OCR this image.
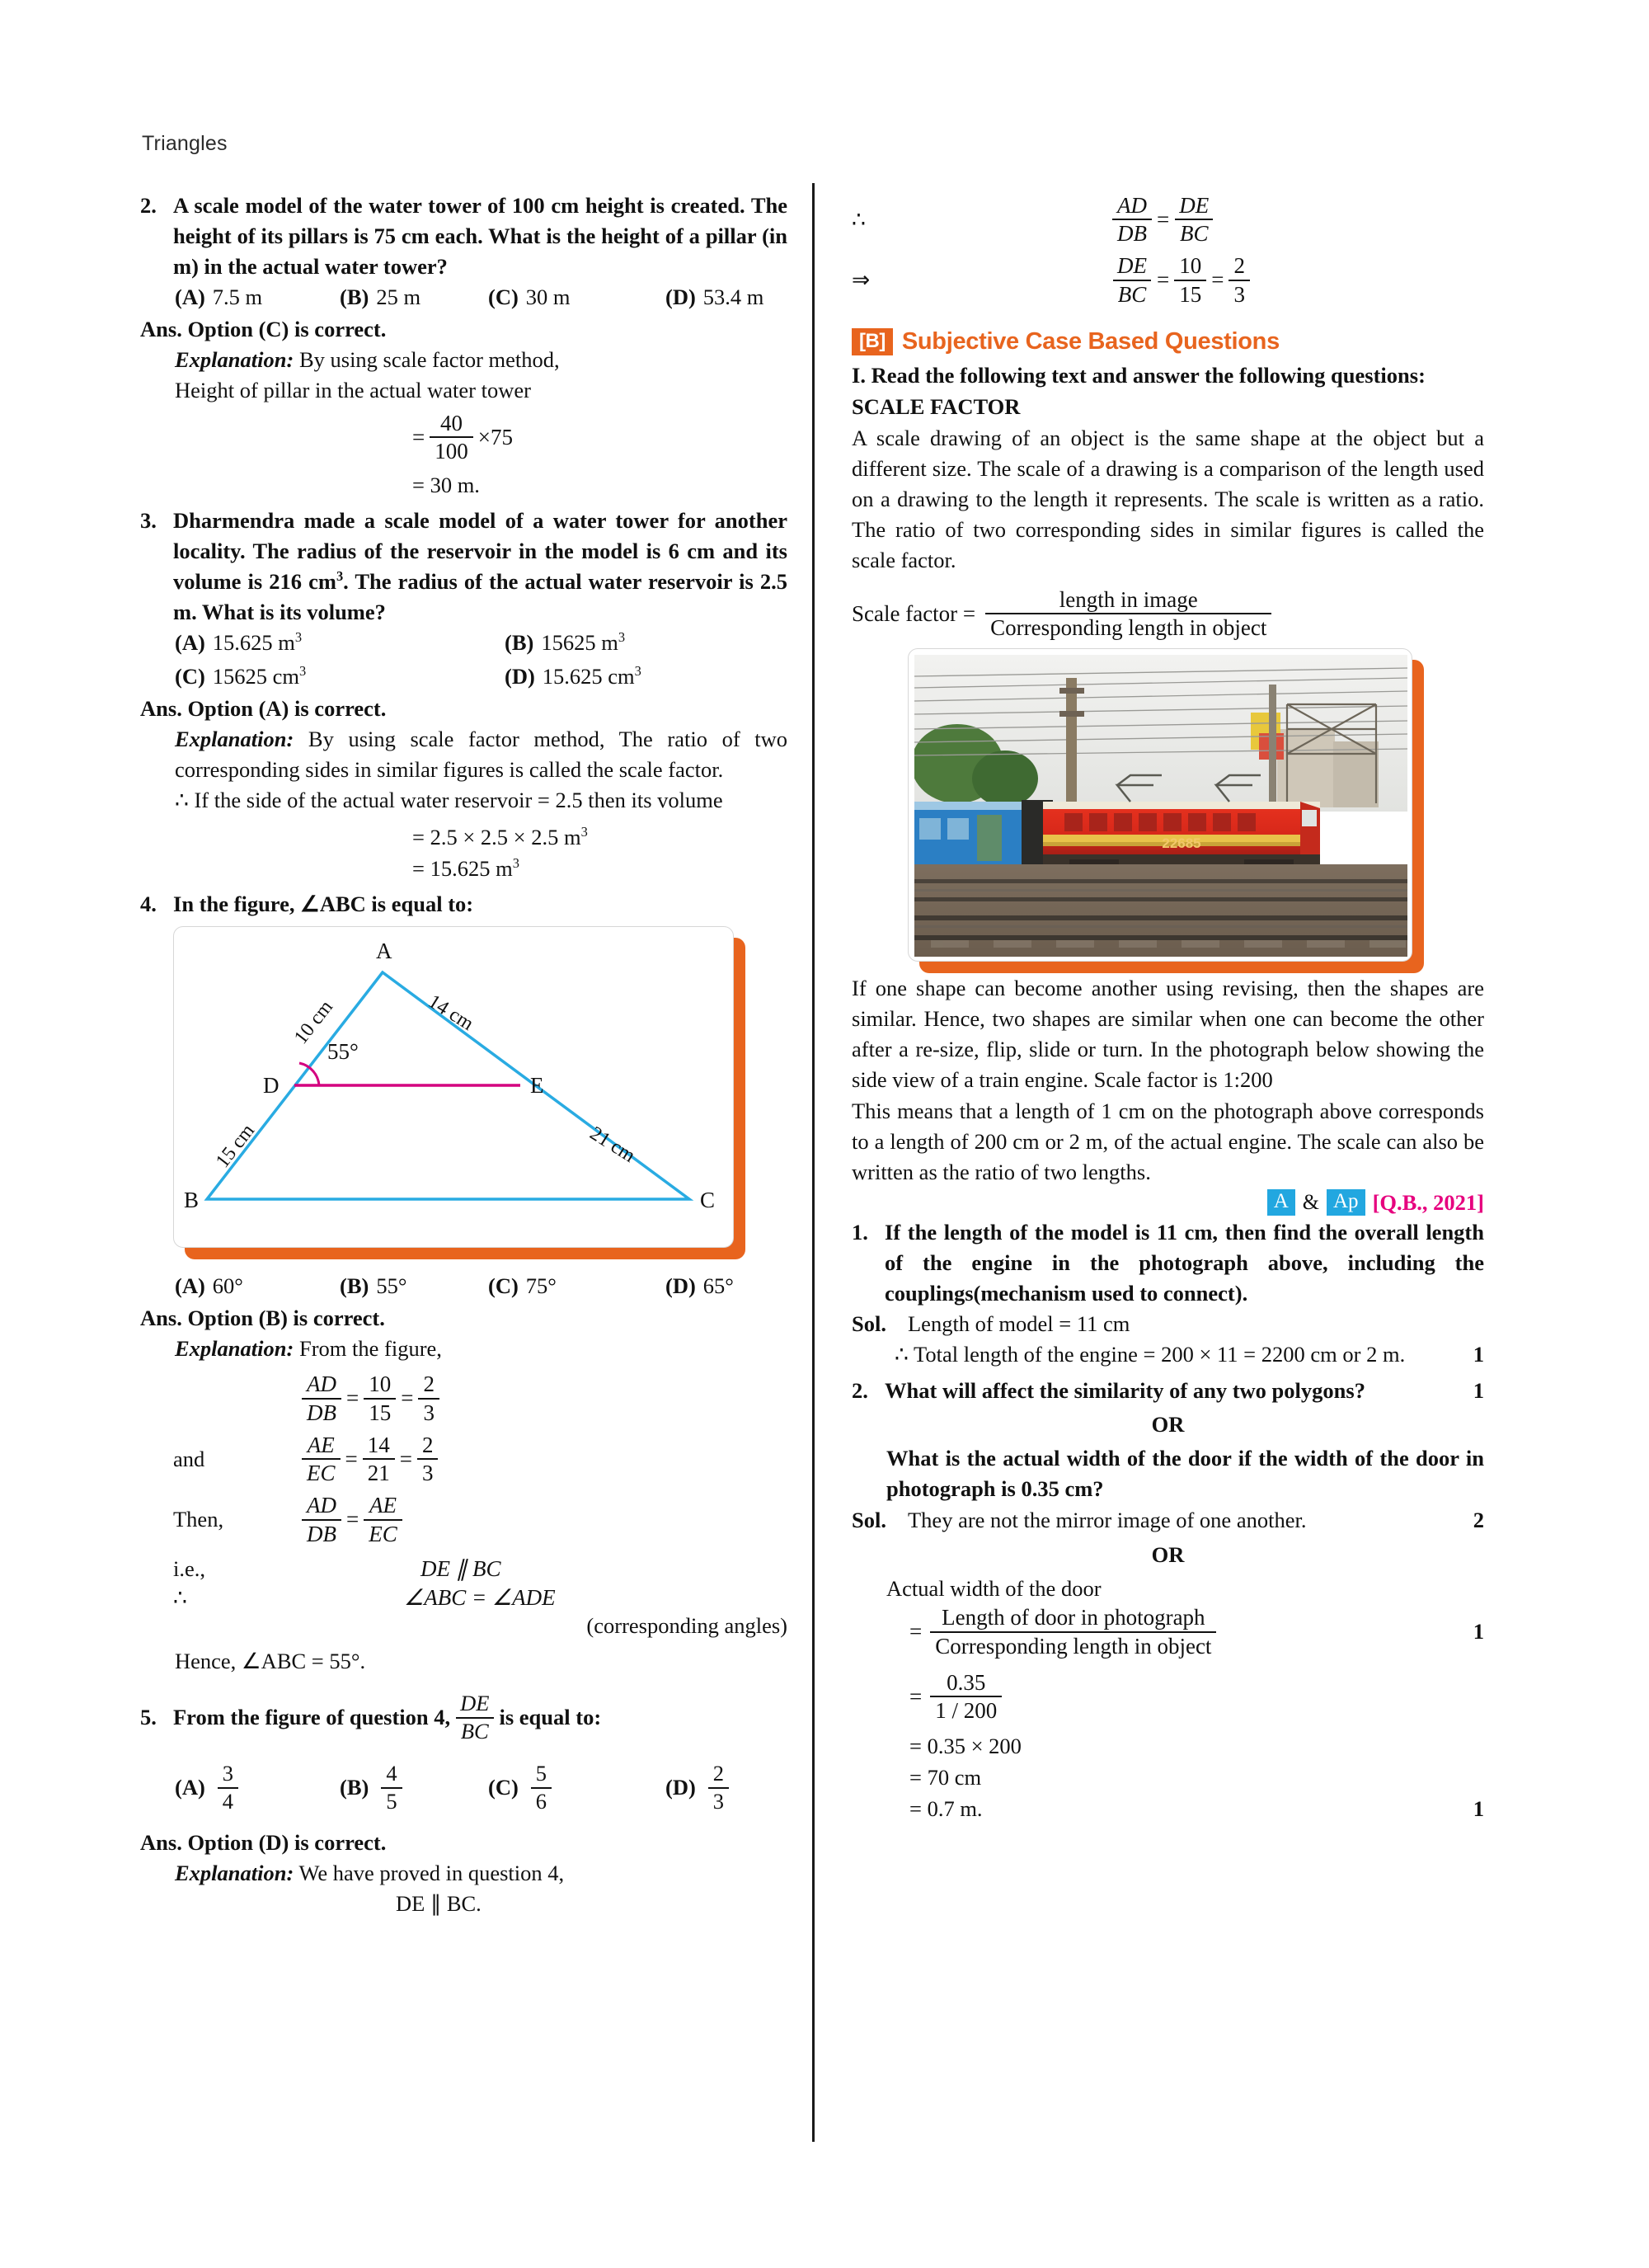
Triangles
2. A scale model of the water tower of 100 cm height is created. The height of its pillars is 75 cm each. What is the height of a pillar (in m) in the actual water tower?
(A) 7.5 m	(B) 25 m	(C) 30 m	(D) 53.4 m
Ans. Option (C) is correct.
Explanation: By using scale factor method,
Height of pillar in the actual water tower
= $\frac{40}{100} \times 75$
= 30 m.
3. Dharmendra made a scale model of a water tower for another locality. The radius of the reservoir in the model is 6 cm and its volume is 216 $cm^3$. The radius of the actual water reservoir is 2.5 m. What is its volume?
(A) 15.625 $m^3$	(B) 15625 $m^3$
(C) 15625 $cm^3$	(D) 15.625 $cm^3$
Ans. Option (A) is correct.
Explanation: By using scale factor method, The ratio of two corresponding sides in similar figures is called the scale factor.
∴ If the side of the actual water reservoir = 2.5 then its volume
= 2.5 × 2.5 × 2.5 $m^3$
= 15.625 $m^3$
4. In the figure, ∠ABC is equal to:
A
B	C
D	E
55°
10 cm	14 cm
15 cm	21 cm
(A) 60°	(B) 55°	(C) 75°	(D) 65°
Ans. Option (B) is correct.
Explanation: From the figure,
$\frac{AD}{DB} = \frac{10}{15} = \frac{2}{3}$
and	$\frac{AE}{EC} = \frac{14}{21} = \frac{2}{3}$
Then,	$\frac{AD}{DB} = \frac{AE}{EC}$
i.e.,	DE ∥ BC
∴	∠ABC = ∠ADE
(corresponding angles)
Hence, ∠ABC = 55°.
5. From the figure of question 4, $\frac{DE}{BC}$ is equal to:
$(A) \frac{3}{4}$	$(B) \frac{4}{5}$	$(C) \frac{5}{6}$	$(D) \frac{2}{3}$
Ans. Option (D) is correct.
Explanation: We have proved in question 4,
DE ∥ BC.
∴	$\frac{AD}{DB} = \frac{DE}{BC}$
⇒	$\frac{DE}{BC} = \frac{10}{15} = \frac{2}{3}$
[B] Subjective Case Based Questions
I. Read the following text and answer the following questions:
SCALE FACTOR
A scale drawing of an object is the same shape at the object but a different size. The scale of a drawing is a comparison of the length used on a drawing to the length it represents. The scale is written as a ratio. The ratio of two corresponding sides in similar figures is called the scale factor.
Scale factor = $\frac{\text{length in image}}{\text{Corresponding length in object}}$
22685
If one shape can become another using revising, then the shapes are similar. Hence, two shapes are similar when one can become the other after a re-size, flip, slide or turn. In the photograph below showing the side view of a train engine. Scale factor is 1:200
This means that a length of 1 cm on the photograph above corresponds to a length of 200 cm or 2 m, of the actual engine. The scale can also be written as the ratio of two lengths.
A & Ap [Q.B., 2021]
1. If the length of the model is 11 cm, then find the overall length of the engine in the photograph above, including the couplings(mechanism used to connect).
Sol. Length of model = 11 cm
∴ Total length of the engine = 200 × 11 = 2200 cm or 2 m.	1
2. What will affect the similarity of any two polygons?	1
OR
What is the actual width of the door if the width of the door in photograph is 0.35 cm?
Sol. They are not the mirror image of one another.	2
OR
Actual width of the door
= $\frac{\text{Length of door in photograph}}{\text{Corresponding length in object}}$	1
= $\frac{0.35}{1 / 200}$
= 0.35 × 200
= 70 cm
= 0.7 m.	1
